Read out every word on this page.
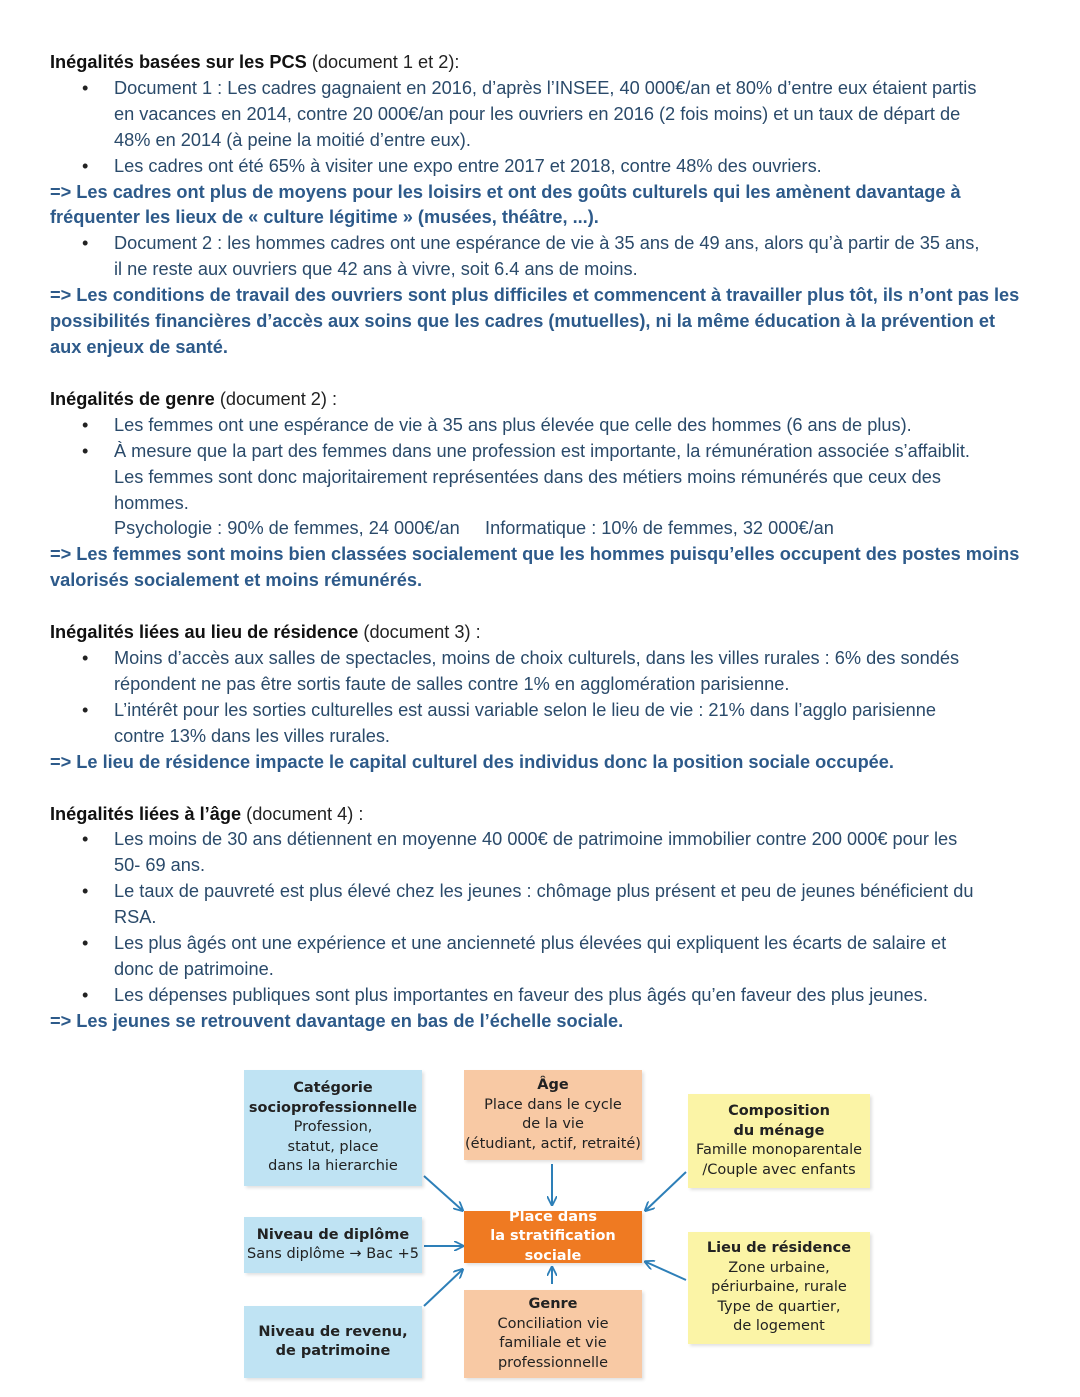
Inégalités basées sur les PCS (document 1 et 2):
• Document 1 : Les cadres gagnaient en 2016, d’après l’INSEE, 40 000€/an et 80% d’entre eux étaient partis
en vacances en 2014, contre 20 000€/an pour les ouvriers en 2016 (2 fois moins) et un taux de départ de
48% en 2014 (à peine la moitié d’entre eux).
• Les cadres ont été 65% à visiter une expo entre 2017 et 2018, contre 48% des ouvriers.
=> Les cadres ont plus de moyens pour les loisirs et ont des goûts culturels qui les amènent davantage à
fréquenter les lieux de « culture légitime » (musées, théâtre, ...).
• Document 2 : les hommes cadres ont une espérance de vie à 35 ans de 49 ans, alors qu’à partir de 35 ans,
il ne reste aux ouvriers que 42 ans à vivre, soit 6.4 ans de moins.
=> Les conditions de travail des ouvriers sont plus difficiles et commencent à travailler plus tôt, ils n’ont pas les
possibilités financières d’accès aux soins que les cadres (mutuelles), ni la même éducation à la prévention et
aux enjeux de santé.
Inégalités de genre (document 2) :
• Les femmes ont une espérance de vie à 35 ans plus élevée que celle des hommes (6 ans de plus).
• À mesure que la part des femmes dans une profession est importante, la rémunération associée s’affaiblit.
Les femmes sont donc majoritairement représentées dans des métiers moins rémunérés que ceux des
hommes.
Psychologie : 90% de femmes, 24 000€/an     Informatique : 10% de femmes, 32 000€/an
=> Les femmes sont moins bien classées socialement que les hommes puisqu’elles occupent des postes moins
valorisés socialement et moins rémunérés.
Inégalités liées au lieu de résidence (document 3) :
• Moins d’accès aux salles de spectacles, moins de choix culturels, dans les villes rurales : 6% des sondés
répondent ne pas être sortis faute de salles contre 1% en agglomération parisienne.
• L’intérêt pour les sorties culturelles est aussi variable selon le lieu de vie : 21% dans l’agglo parisienne
contre 13% dans les villes rurales.
=> Le lieu de résidence impacte le capital culturel des individus donc la position sociale occupée.
Inégalités liées à l’âge (document 4) :
• Les moins de 30 ans détiennent en moyenne 40 000€ de patrimoine immobilier contre 200 000€ pour les
50- 69 ans.
• Le taux de pauvreté est plus élevé chez les jeunes : chômage plus présent et peu de jeunes bénéficient du
RSA.
• Les plus âgés ont une expérience et une ancienneté plus élevées qui expliquent les écarts de salaire et
donc de patrimoine.
• Les dépenses publiques sont plus importantes en faveur des plus âgés qu’en faveur des plus jeunes.
=> Les jeunes se retrouvent davantage en bas de l’échelle sociale.
Catégorie
socioprofessionnelle
Profession,
statut, place
dans la hierarchie
Âge
Place dans le cycle
de la vie
(étudiant, actif, retraité)
Composition
du ménage
Famille monoparentale
/Couple avec enfants
Niveau de diplôme
Sans diplôme → Bac +5
Place dans
la stratification sociale	Lieu de résidence
Zone urbaine,
périurbaine, rurale
Type de quartier,
de logement
Niveau de revenu,
de patrimoine
Genre
Conciliation vie
familiale et vie
professionnelle
